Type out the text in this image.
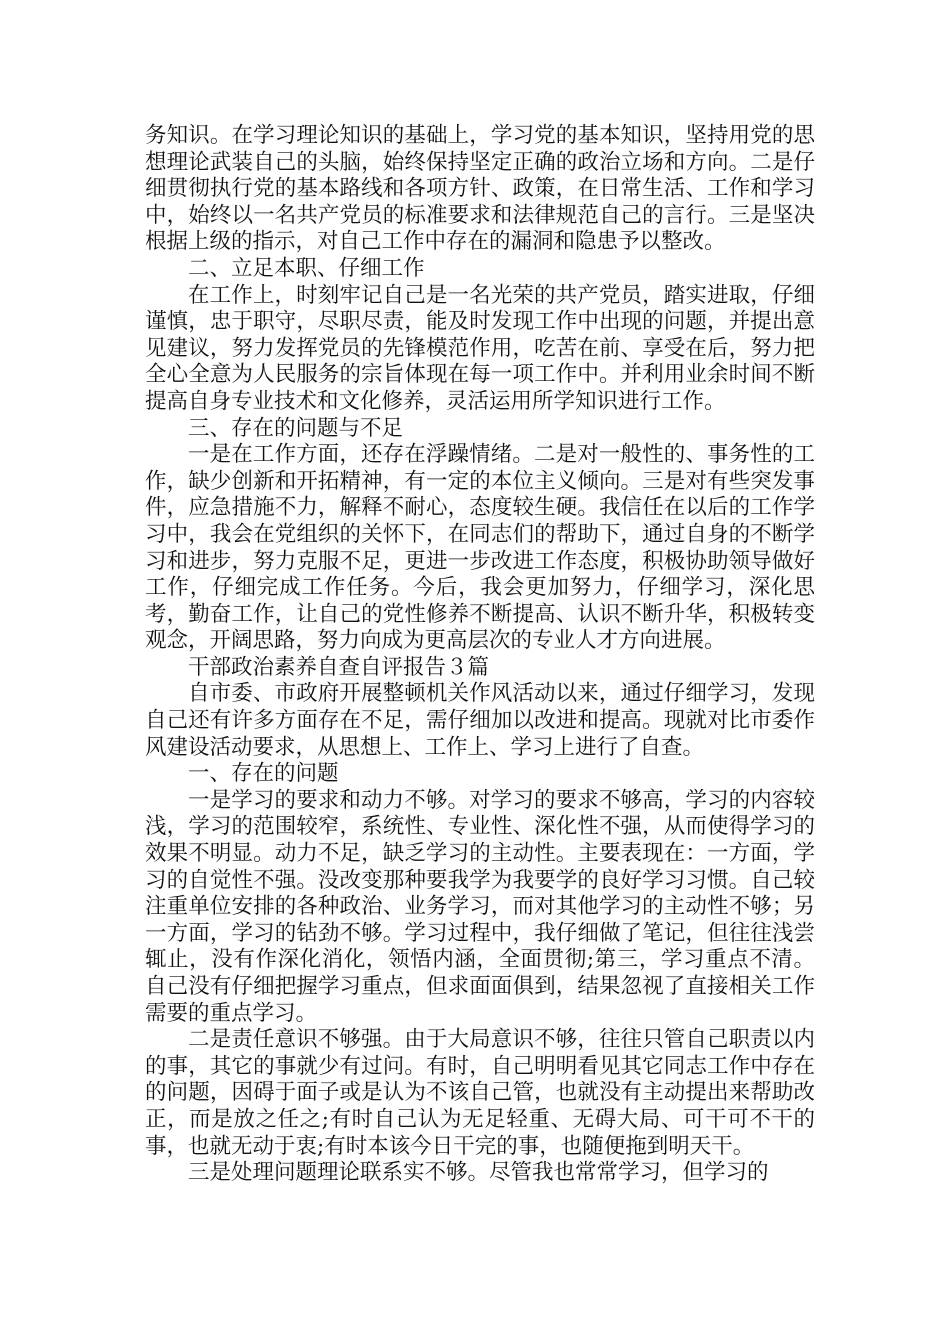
务知识。在学习理论知识的基础上，学习党的基本知识，坚持用党的思想理论武装自己的头脑，始终保持坚定正确的政治立场和方向。二是仔细贯彻执行党的基本路线和各项方针、政策，在日常生活、工作和学习中，始终以一名共产党员的标准要求和法律规范自己的言行。三是坚决根据上级的指示，对自己工作中存在的漏洞和隐患予以整改。

二、立足本职、仔细工作

在工作上，时刻牢记自己是一名光荣的共产党员，踏实进取，仔细谨慎，忠于职守，尽职尽责，能及时发现工作中出现的问题，并提出意见建议，努力发挥党员的先锋模范作用，吃苦在前、享受在后，努力把全心全意为人民服务的宗旨体现在每一项工作中。并利用业余时间不断提高自身专业技术和文化修养，灵活运用所学知识进行工作。

三、存在的问题与不足

一是在工作方面，还存在浮躁情绪。二是对一般性的、事务性的工作，缺少创新和开拓精神，有一定的本位主义倾向。三是对有些突发事件，应急措施不力，解释不耐心，态度较生硬。我信任在以后的工作学习中，我会在党组织的关怀下，在同志们的帮助下，通过自身的不断学习和进步，努力克服不足，更进一步改进工作态度，积极协助领导做好工作，仔细完成工作任务。今后，我会更加努力，仔细学习，深化思考，勤奋工作，让自己的党性修养不断提高、认识不断升华，积极转变观念，开阔思路，努力向成为更高层次的专业人才方向进展。

干部政治素养自查自评报告３篇

自市委、市政府开展整顿机关作风活动以来，通过仔细学习，发现自己还有许多方面存在不足，需仔细加以改进和提高。现就对比市委作风建设活动要求，从思想上、工作上、学习上进行了自查。

一、存在的问题

一是学习的要求和动力不够。对学习的要求不够高，学习的内容较浅，学习的范围较窄，系统性、专业性、深化性不强，从而使得学习的效果不明显。动力不足，缺乏学习的主动性。主要表现在：一方面，学习的自觉性不强。没改变那种要我学为我要学的良好学习习惯。自己较注重单位安排的各种政治、业务学习，而对其他学习的主动性不够；另一方面，学习的钻劲不够。学习过程中，我仔细做了笔记，但往往浅尝辄止，没有作深化消化，领悟内涵，全面贯彻;第三，学习重点不清。自己没有仔细把握学习重点，但求面面俱到，结果忽视了直接相关工作需要的重点学习。

二是责任意识不够强。由于大局意识不够，往往只管自己职责以内的事，其它的事就少有过问。有时，自己明明看见其它同志工作中存在的问题，因碍于面子或是认为不该自己管，也就没有主动提出来帮助改正，而是放之任之;有时自己认为无足轻重、无碍大局、可干可不干的事，也就无动于衷;有时本该今日干完的事，也随便拖到明天干。

三是处理问题理论联系实不够。尽管我也常常学习，但学习的
